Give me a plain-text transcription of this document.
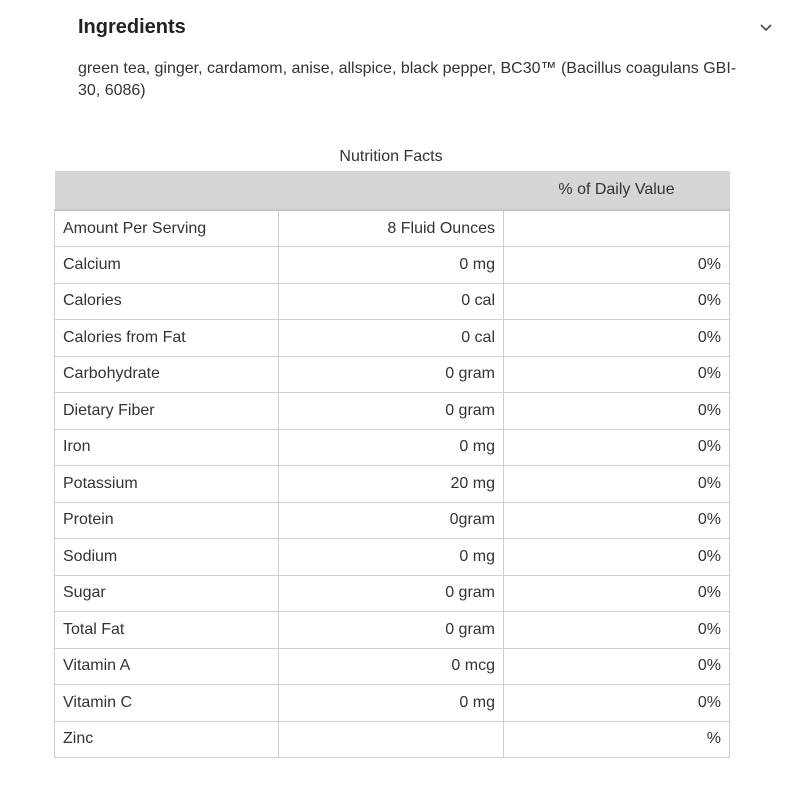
Ingredients
green tea, ginger, cardamom, anise, allspice, black pepper, BC30™ (Bacillus coagulans GBI-30, 6086)
Nutrition Facts
		% of Daily Value
Amount Per Serving	8 Fluid Ounces	
Calcium	0 mg	0%
Calories	0 cal	0%
Calories from Fat	0 cal	0%
Carbohydrate	0 gram	0%
Dietary Fiber	0 gram	0%
Iron	0 mg	0%
Potassium	20 mg	0%
Protein	0gram	0%
Sodium	0 mg	0%
Sugar	0 gram	0%
Total Fat	0 gram	0%
Vitamin A	0 mcg	0%
Vitamin C	0 mg	0%
Zinc		%
